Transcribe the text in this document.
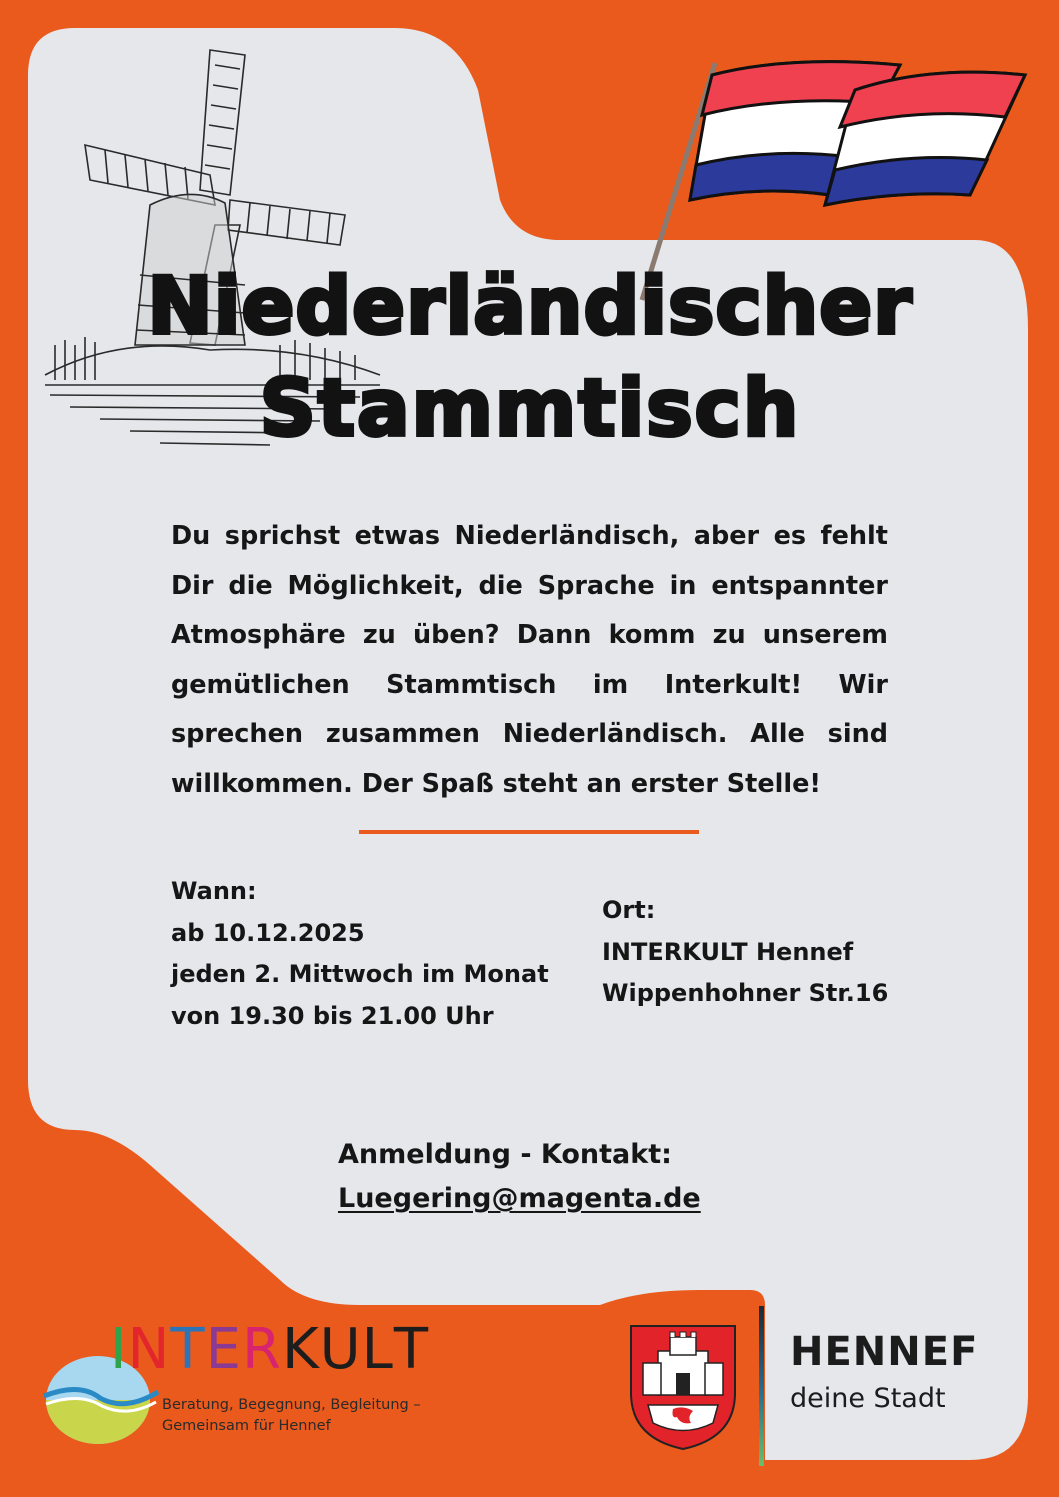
Niederländischer
Stammtisch
Du sprichst etwas Niederländisch, aber es fehlt Dir die Möglichkeit, die Sprache in entspannter Atmosphäre zu üben? Dann komm zu unserem gemütlichen Stammtisch im Interkult! Wir sprechen zusammen Niederländisch. Alle sind willkommen. Der Spaß steht an erster Stelle!
Wann:
ab 10.12.2025
jeden 2. Mittwoch im Monat
von 19.30 bis 21.00 Uhr
Ort:
INTERKULT Hennef
Wippenhohner Str.16
Anmeldung - Kontakt:
Luegering@magenta.de
INTERKULT
Beratung, Begegnung, Begleitung –
Gemeinsam für Hennef
HENNEF
deine Stadt
